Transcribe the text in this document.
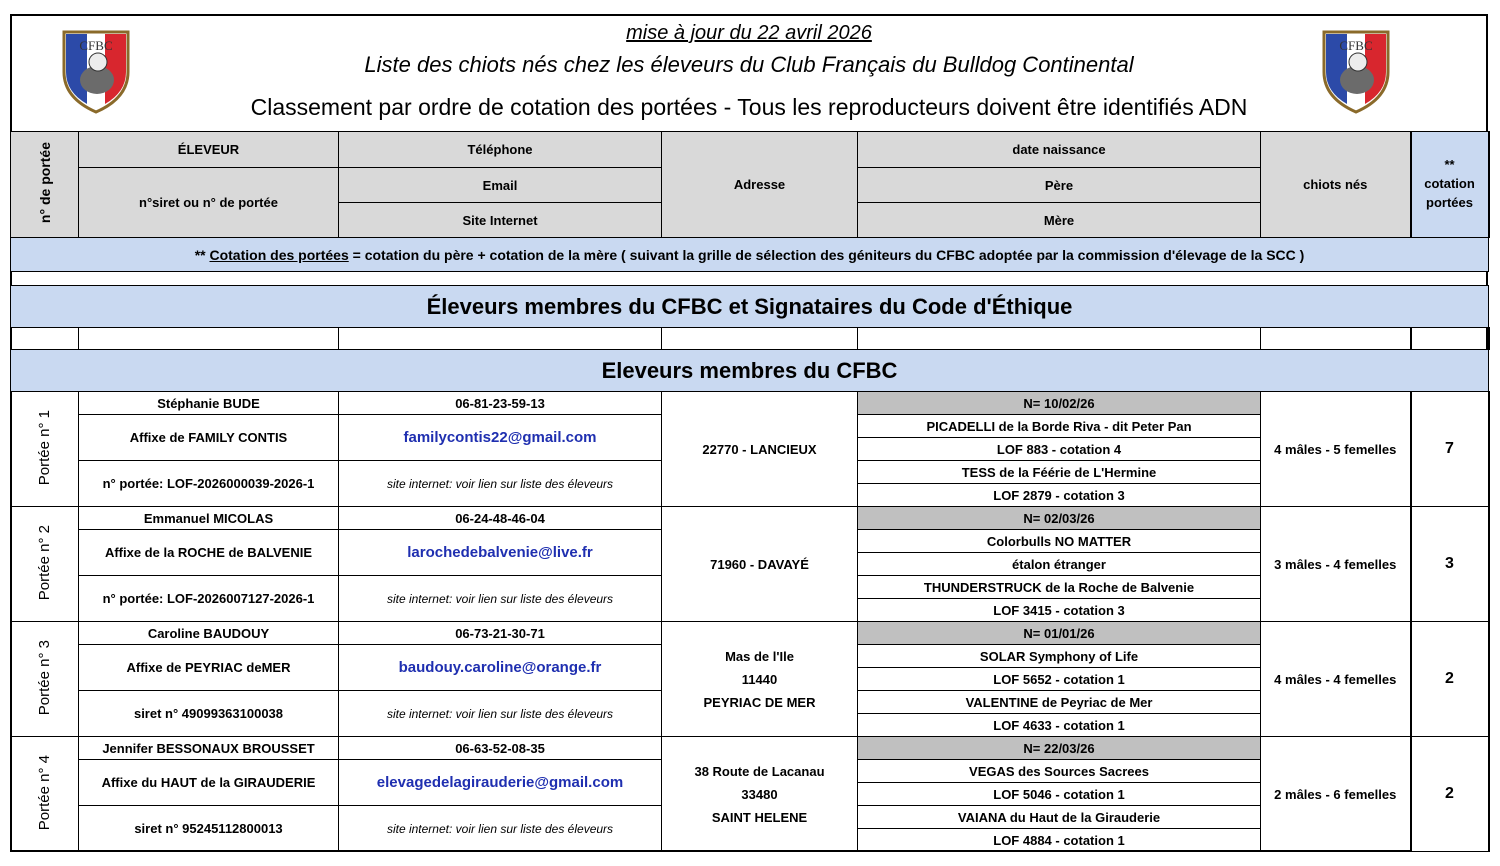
CFBC	CFBC
mise à jour du 22 avril 2026
Liste des chiots nés chez les éleveurs du Club Français du Bulldog Continental
Classement par ordre de cotation des portées - Tous les reproducteurs doivent être identifiés ADN
n° de portée	ÉLEVEUR	Téléphone	Adresse	date naissance	chiots nés	**
cotation
portées

	n°siret ou n° de portée	Email		Père		
		Site Internet		Mère		
** Cotation des portées = cotation du père + cotation de la mère ( suivant la grille de sélection des géniteurs du CFBC adoptée par la commission d'élevage de la SCC )						

Éleveurs membres du CFBC et Signataires du Code d'Éthique						

Eleveurs membres du CFBC						
Portée n° 1	Stéphanie BUDE	06-81-23-59-13	22770 - LANCIEUX	N= 10/02/26	4 mâles - 5 femelles	7
	Affixe de FAMILY CONTIS	familycontis22@gmail.com		PICADELLI de la Borde Riva - dit Peter Pan		
				LOF 883 - cotation 4		
	n° portée: LOF-2026000039-2026-1	site internet: voir lien sur liste des éleveurs		TESS de la Féérie de L'Hermine		
				LOF 2879 - cotation 3		
Portée n° 2	Emmanuel MICOLAS	06-24-48-46-04	71960 - DAVAYÉ	N= 02/03/26	3 mâles - 4 femelles	3
	Affixe de la ROCHE de BALVENIE	larochedebalvenie@live.fr		Colorbulls NO MATTER		
				étalon étranger		
	n° portée: LOF-2026007127-2026-1	site internet: voir lien sur liste des éleveurs		THUNDERSTRUCK de la Roche de Balvenie		
				LOF 3415 - cotation 3		
Portée n° 3	Caroline BAUDOUY	06-73-21-30-71	Mas de l'Ile
11440
PEYRIAC DE MER	N= 01/01/26	4 mâles - 4 femelles	2
	Affixe de PEYRIAC deMER	baudouy.caroline@orange.fr		SOLAR Symphony of Life		
				LOF 5652 - cotation 1		
	siret n° 49099363100038	site internet: voir lien sur liste des éleveurs		VALENTINE de Peyriac de Mer		
				LOF 4633 - cotation 1		
Portée n° 4	Jennifer BESSONAUX BROUSSET	06-63-52-08-35	38 Route de Lacanau
33480
SAINT HELENE	N= 22/03/26	2 mâles - 6 femelles	2
	Affixe du HAUT de la GIRAUDERIE	elevagedelagirauderie@gmail.com		VEGAS des Sources Sacrees		
				LOF 5046 - cotation 1		
	siret n° 95245112800013	site internet: voir lien sur liste des éleveurs		VAIANA du Haut de la Girauderie		
				LOF 4884 - cotation 1		
